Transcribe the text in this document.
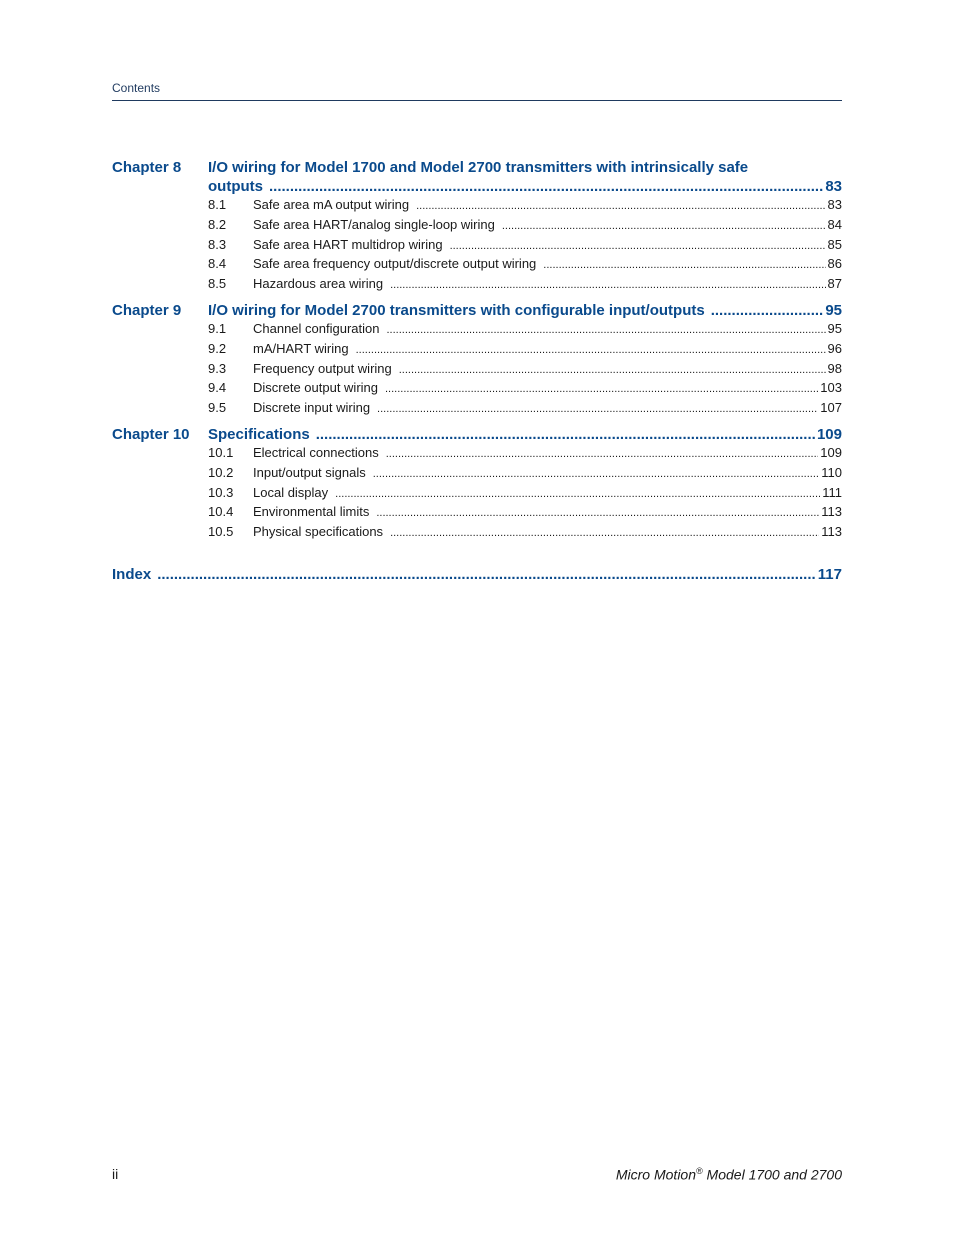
Contents
Chapter 8 I/O wiring for Model 1700 and Model 2700 transmitters with intrinsically safe
outputs .....	83
8.1	Safe area mA output wiring .....	83
8.2	Safe area HART/analog single-loop wiring .....	84
8.3	Safe area HART multidrop wiring .....	85
8.4	Safe area frequency output/discrete output wiring .....	86
8.5	Hazardous area wiring .....	87
Chapter 9 I/O wiring for Model 2700 transmitters with configurable input/outputs .....	95
9.1	Channel configuration .....	95
9.2	mA/HART wiring .....	96
9.3	Frequency output wiring .....	98
9.4	Discrete output wiring .....	103
9.5	Discrete input wiring .....	107
Chapter 10 Specifications .....	109
10.1	Electrical connections .....	109
10.2	Input/output signals .....	110
10.3	Local display .....	111
10.4	Environmental limits .....	113
10.5	Physical specifications .....	113
Index .....	117
ii	Micro Motion® Model 1700 and 2700
